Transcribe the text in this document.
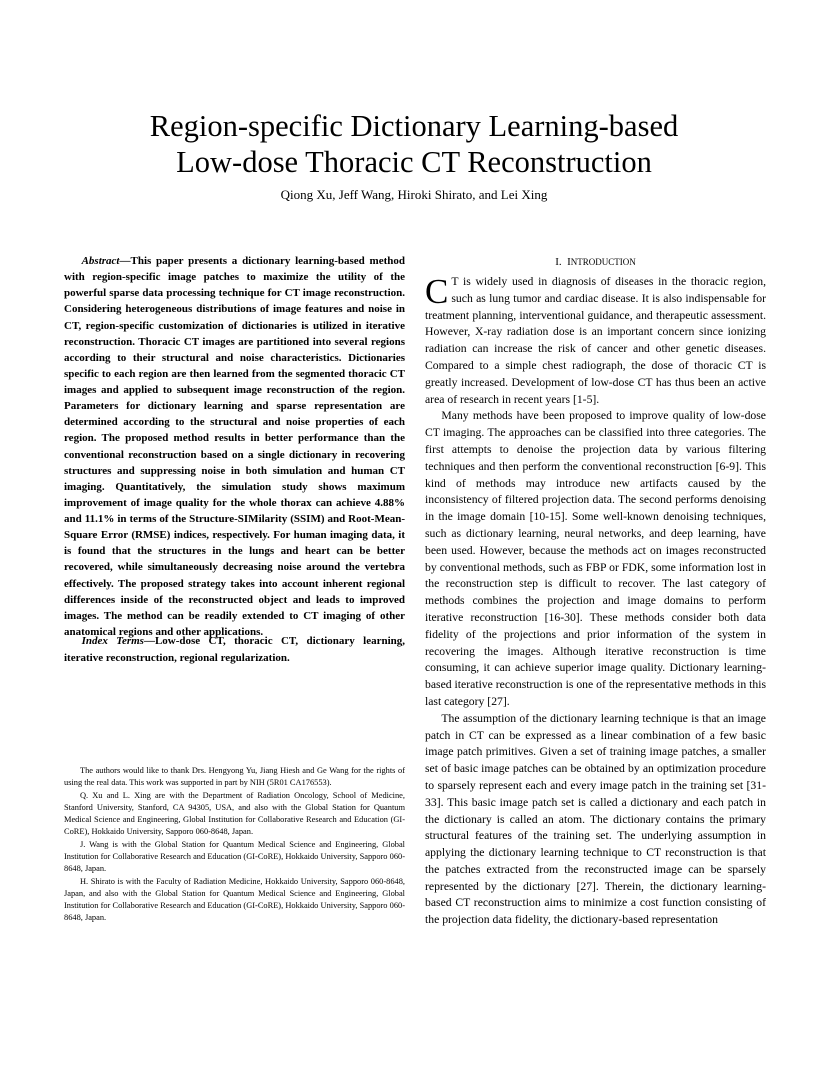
Region-specific Dictionary Learning-based
Low-dose Thoracic CT Reconstruction
Qiong Xu, Jeff Wang, Hiroki Shirato, and Lei Xing
Abstract—This paper presents a dictionary learning-based method with region-specific image patches to maximize the utility of the powerful sparse data processing technique for CT image reconstruction. Considering heterogeneous distributions of image features and noise in CT, region-specific customization of dictionaries is utilized in iterative reconstruction. Thoracic CT images are partitioned into several regions according to their structural and noise characteristics. Dictionaries specific to each region are then learned from the segmented thoracic CT images and applied to subsequent image reconstruction of the region. Parameters for dictionary learning and sparse representation are determined according to the structural and noise properties of each region. The proposed method results in better performance than the conventional reconstruction based on a single dictionary in recovering structures and suppressing noise in both simulation and human CT imaging. Quantitatively, the simulation study shows maximum improvement of image quality for the whole thorax can achieve 4.88% and 11.1% in terms of the Structure-SIMilarity (SSIM) and Root-Mean-Square Error (RMSE) indices, respectively. For human imaging data, it is found that the structures in the lungs and heart can be better recovered, while simultaneously decreasing noise around the vertebra effectively. The proposed strategy takes into account inherent regional differences inside of the reconstructed object and leads to improved images. The method can be readily extended to CT imaging of other anatomical regions and other applications.
Index Terms—Low-dose CT, thoracic CT, dictionary learning, iterative reconstruction, regional regularization.

The authors would like to thank Drs. Hengyong Yu, Jiang Hiesh and Ge Wang for the rights of using the real data. This work was supported in part by NIH (5R01 CA176553).

Q. Xu and L. Xing are with the Department of Radiation Oncology, School of Medicine, Stanford University, Stanford, CA 94305, USA, and also with the Global Station for Quantum Medical Science and Engineering, Global Institution for Collaborative Research and Education (GI-CoRE), Hokkaido University, Sapporo 060-8648, Japan.

J. Wang is with the Global Station for Quantum Medical Science and Engineering, Global Institution for Collaborative Research and Education (GI-CoRE), Hokkaido University, Sapporo 060-8648, Japan.

H. Shirato is with the Faculty of Radiation Medicine, Hokkaido University, Sapporo 060-8648, Japan, and also with the Global Station for Quantum Medical Science and Engineering, Global Institution for Collaborative Research and Education (GI-CoRE), Hokkaido University, Sapporo 060-8648, Japan.

I. INTRODUCTION

C T is widely used in diagnosis of diseases in the thoracic region, such as lung tumor and cardiac disease. It is also indispensable for treatment planning, interventional guidance, and therapeutic assessment. However, X-ray radiation dose is an important concern since ionizing radiation can increase the risk of cancer and other genetic diseases. Compared to a simple chest radiograph, the dose of thoracic CT is greatly increased. Development of low-dose CT has thus been an active area of research in recent years [1-5].

Many methods have been proposed to improve quality of low-dose CT imaging. The approaches can be classified into three categories. The first attempts to denoise the projection data by various filtering techniques and then perform the conventional reconstruction [6-9]. This kind of methods may introduce new artifacts caused by the inconsistency of filtered projection data. The second performs denoising in the image domain [10-15]. Some well-known denoising techniques, such as dictionary learning, neural networks, and deep learning, have been used. However, because the methods act on images reconstructed by conventional methods, such as FBP or FDK, some information lost in the reconstruction step is difficult to recover. The last category of methods combines the projection and image domains to perform iterative reconstruction [16-30]. These methods consider both data fidelity of the projections and prior information of the system in recovering the images. Although iterative reconstruction is time consuming, it can achieve superior image quality. Dictionary learning-based iterative reconstruction is one of the representative methods in this last category [27].

The assumption of the dictionary learning technique is that an image patch in CT can be expressed as a linear combination of a few basic image patch primitives. Given a set of training image patches, a smaller set of basic image patches can be obtained by an optimization procedure to sparsely represent each and every image patch in the training set [31-33]. This basic image patch set is called a dictionary and each patch in the dictionary is called an atom. The dictionary contains the primary structural features of the training set. The underlying assumption in applying the dictionary learning technique to CT reconstruction is that the patches extracted from the reconstructed image can be sparsely represented by the dictionary [27]. Therein, the dictionary learning-based CT reconstruction aims to minimize a cost function consisting of the projection data fidelity, the dictionary-based representation
